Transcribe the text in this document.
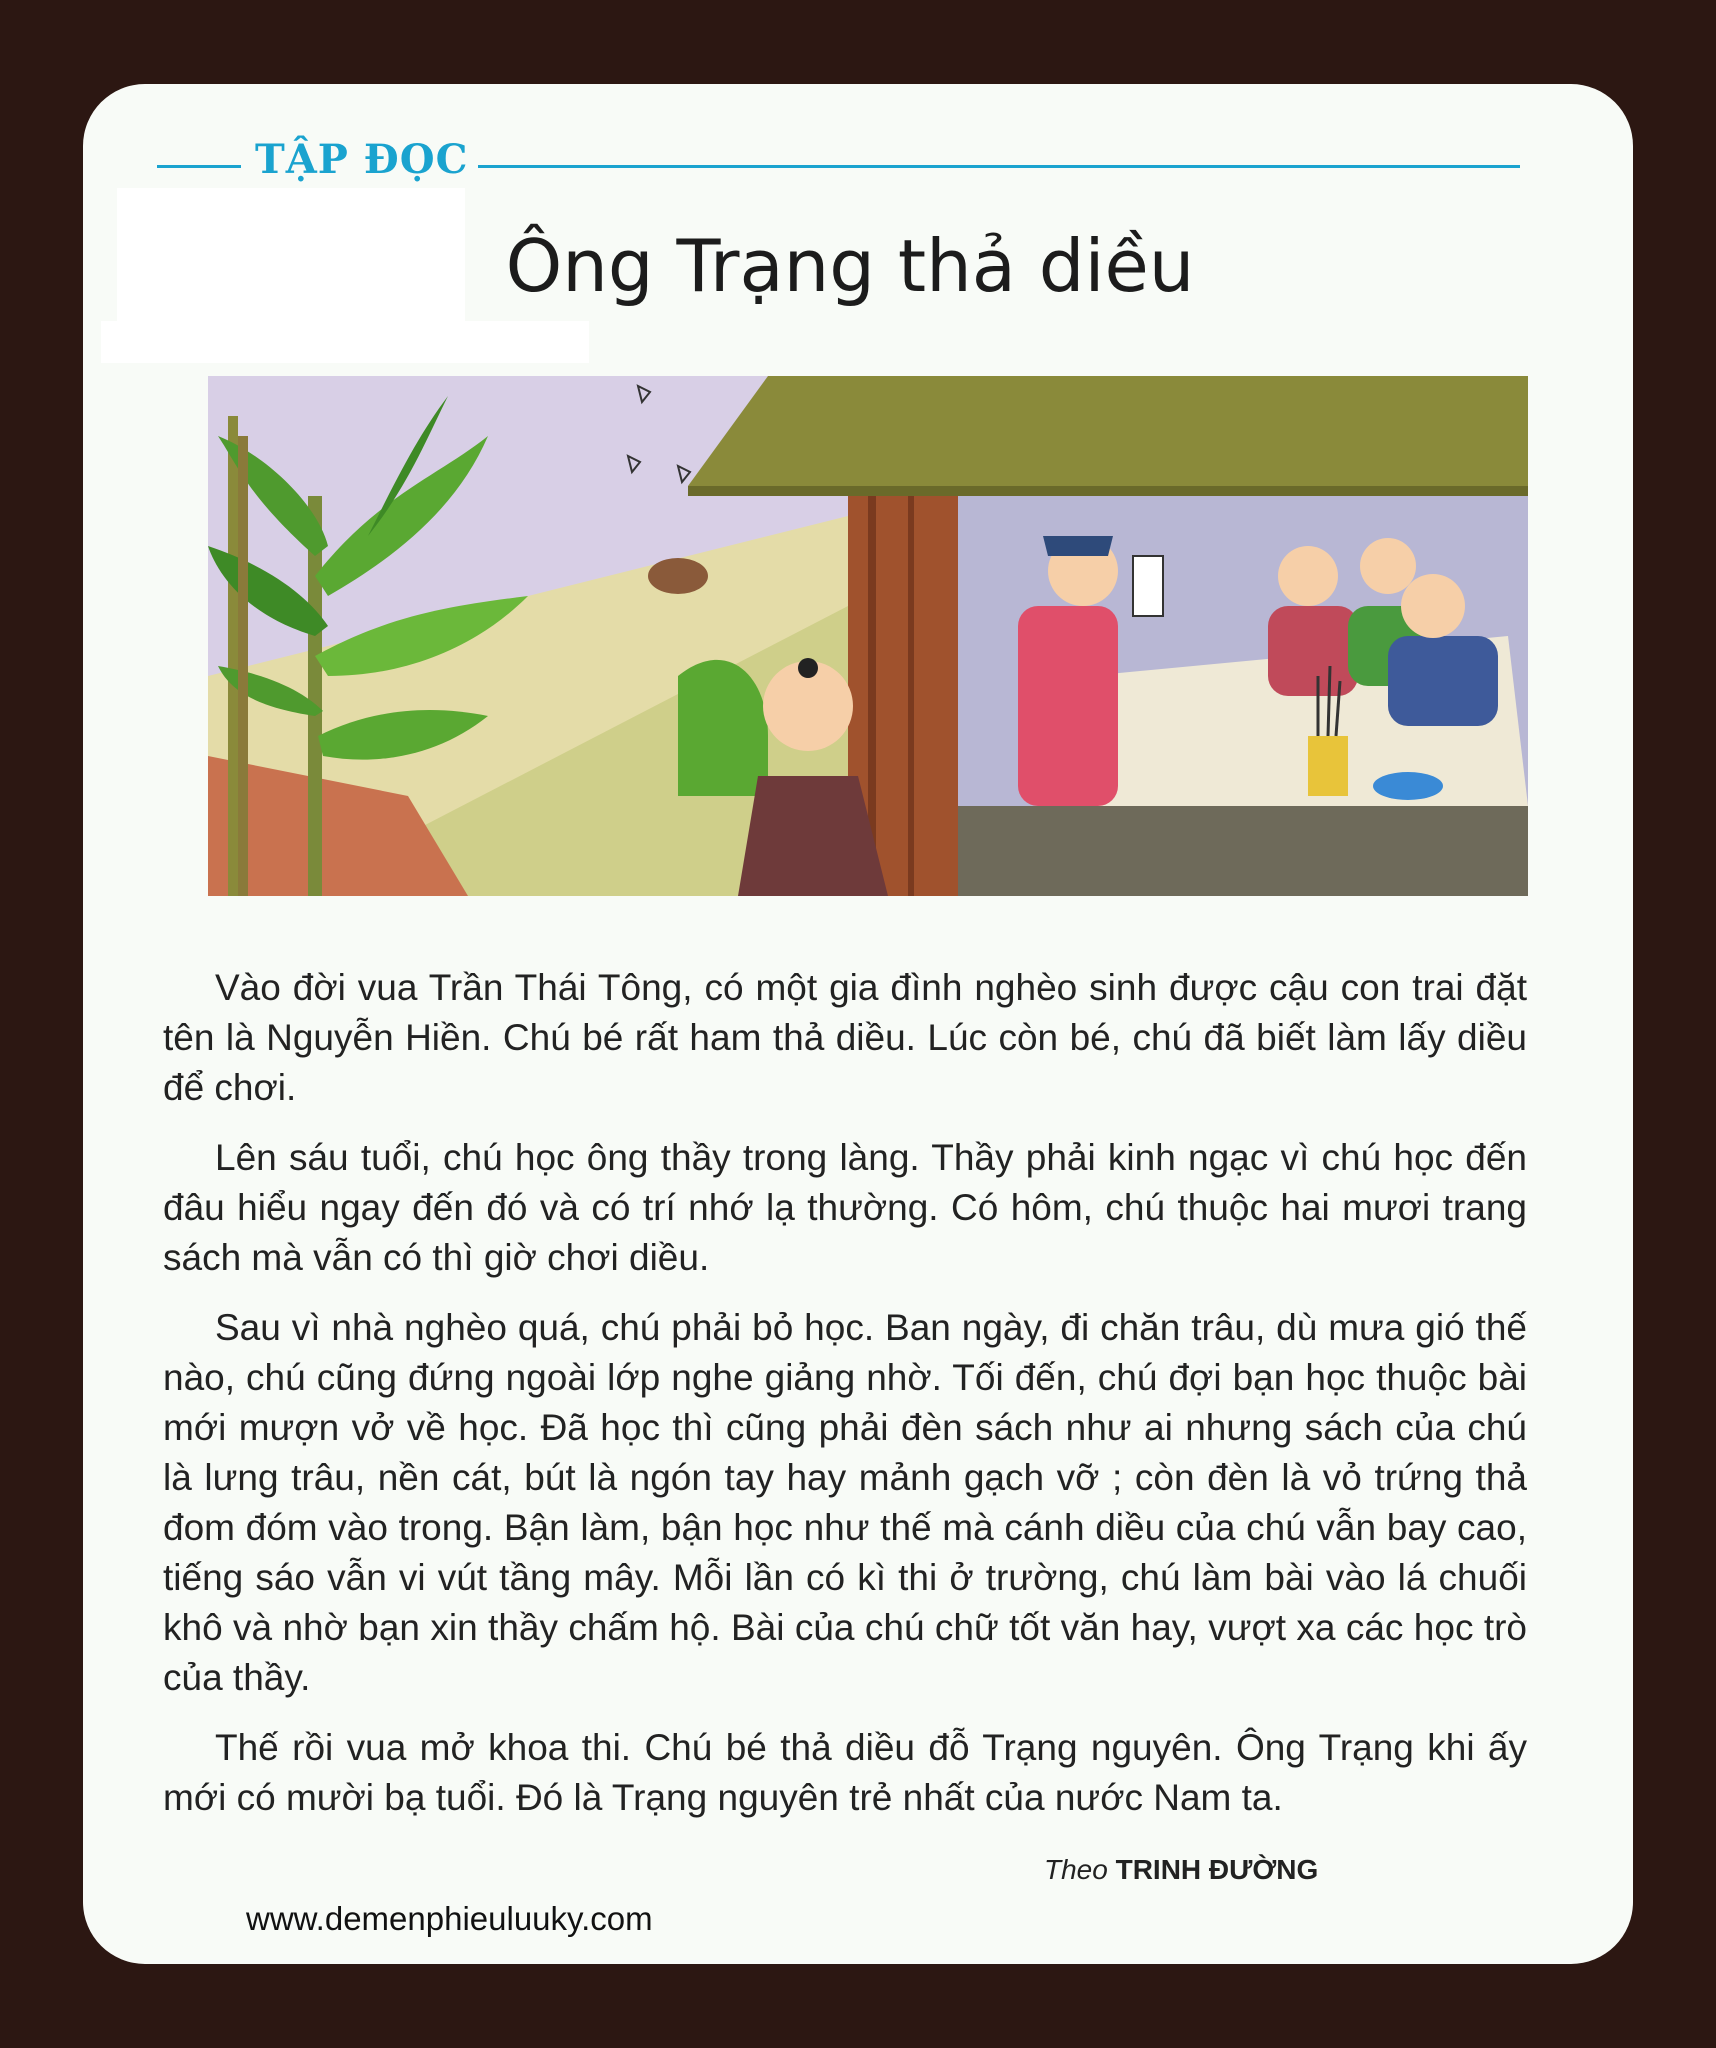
TẬP ĐỌC
Ông Trạng thả diều

Vào đời vua Trần Thái Tông, có một gia đình nghèo sinh được cậu con trai đặt tên là Nguyễn Hiền. Chú bé rất ham thả diều. Lúc còn bé, chú đã biết làm lấy diều để chơi.

Lên sáu tuổi, chú học ông thầy trong làng. Thầy phải kinh ngạc vì chú học đến đâu hiểu ngay đến đó và có trí nhớ lạ thường. Có hôm, chú thuộc hai mươi trang sách mà vẫn có thì giờ chơi diều.

Sau vì nhà nghèo quá, chú phải bỏ học. Ban ngày, đi chăn trâu, dù mưa gió thế nào, chú cũng đứng ngoài lớp nghe giảng nhờ. Tối đến, chú đợi bạn học thuộc bài mới mượn vở về học. Đã học thì cũng phải đèn sách như ai nhưng sách của chú là lưng trâu, nền cát, bút là ngón tay hay mảnh gạch vỡ ; còn đèn là vỏ trứng thả đom đóm vào trong. Bận làm, bận học như thế mà cánh diều của chú vẫn bay cao, tiếng sáo vẫn vi vút tầng mây. Mỗi lần có kì thi ở trường, chú làm bài vào lá chuối khô và nhờ bạn xin thầy chấm hộ. Bài của chú chữ tốt văn hay, vượt xa các học trò của thầy.

Thế rồi vua mở khoa thi. Chú bé thả diều đỗ Trạng nguyên. Ông Trạng khi ấy mới có mười bạ tuổi. Đó là Trạng nguyên trẻ nhất của nước Nam ta.

Theo TRINH ĐƯỜNG
www.demenphieuluuky.com
